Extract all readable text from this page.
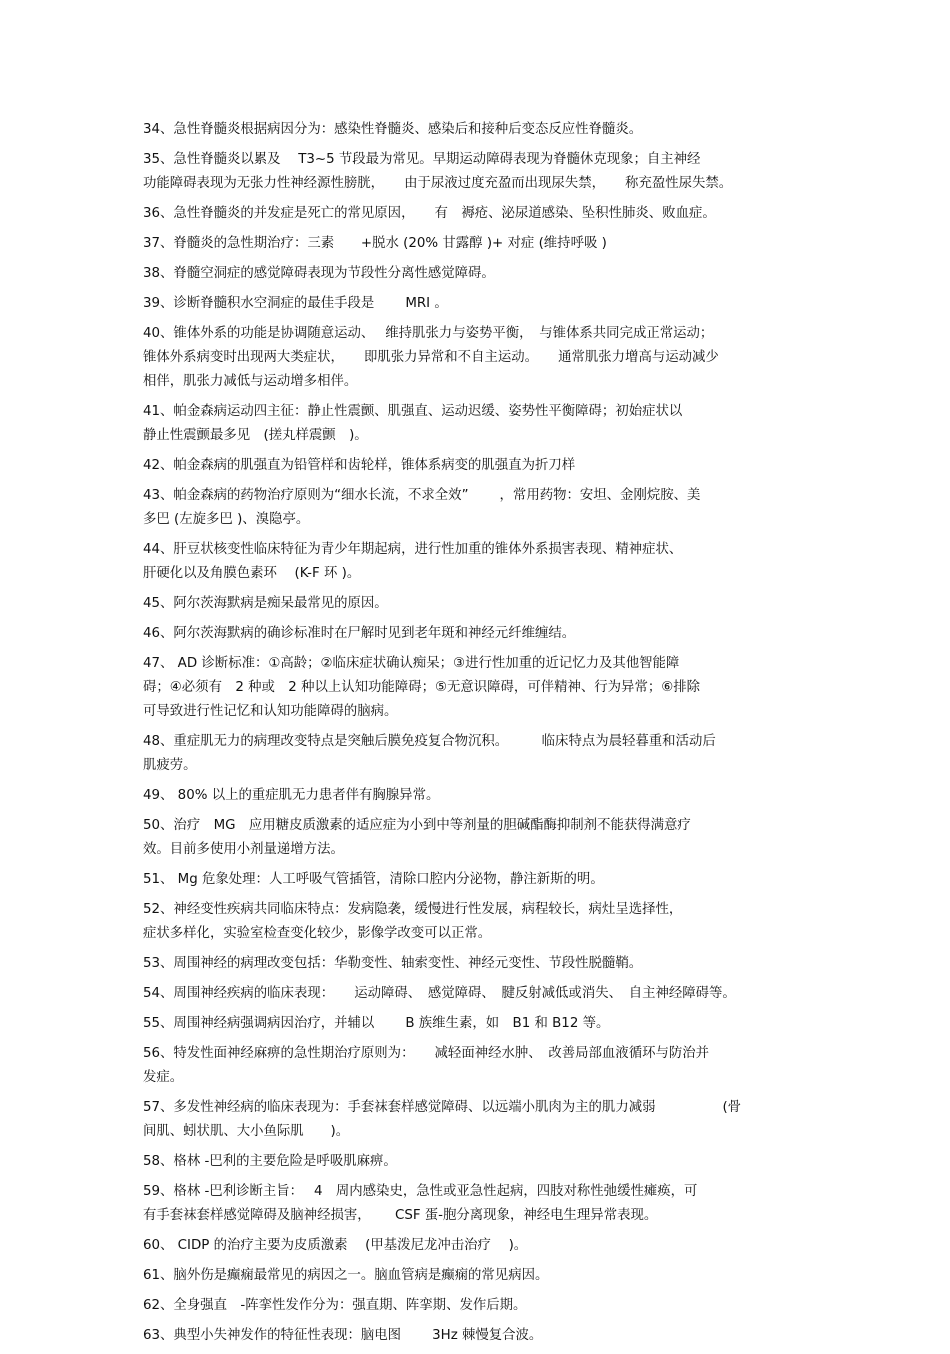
34、急性脊髓炎根据病因分为：感染性脊髓炎、感染后和接种后变态反应性脊髓炎。
35、急性脊髓炎以累及　 T3~5 节段最为常见。早期运动障碍表现为脊髓休克现象；自主神经
功能障碍表现为无张力性神经源性膀胱，　　由于尿液过度充盈而出现尿失禁，　　称充盈性尿失禁。
36、急性脊髓炎的并发症是死亡的常见原因，　　有　褥疮、泌尿道感染、坠积性肺炎、败血症。
37、脊髓炎的急性期治疗：三素　　+脱水 (20% 甘露醇 )+ 对症 (维持呼吸 )
38、脊髓空洞症的感觉障碍表现为节段性分离性感觉障碍。
39、诊断脊髓积水空洞症的最佳手段是　　 MRI 。
40、锥体外系的功能是协调随意运动、　 维持肌张力与姿势平衡，　与锥体系共同完成正常运动；
锥体外系病变时出现两大类症状，　　即肌张力异常和不自主运动。　　通常肌张力增高与运动减少
相伴，肌张力减低与运动增多相伴。
41、帕金森病运动四主征：静止性震颤、肌强直、运动迟缓、姿势性平衡障碍；初始症状以
静止性震颤最多见　(搓丸样震颤　)。
42、帕金森病的肌强直为铅管样和齿轮样，锥体系病变的肌强直为折刀样
43、帕金森病的药物治疗原则为“细水长流，不求全效”　　 ，常用药物：安坦、金刚烷胺、美
多巴 (左旋多巴 )、溴隐亭。
44、肝豆状核变性临床特征为青少年期起病，进行性加重的锥体外系损害表现、精神症状、
肝硬化以及角膜色素环　 (K-F 环 )。
45、阿尔茨海默病是痴呆最常见的原因。
46、阿尔茨海默病的确诊标准时在尸解时见到老年斑和神经元纤维缠结。
47、 AD 诊断标准：①高龄；②临床症状确认痴呆；③进行性加重的近记忆力及其他智能障
碍；④必须有　2 种或　2 种以上认知功能障碍；⑤无意识障碍，可伴精神、行为异常；⑥排除
可导致进行性记忆和认知功能障碍的脑病。
48、重症肌无力的病理改变特点是突触后膜免疫复合物沉积。　　　临床特点为晨轻暮重和活动后
肌疲劳。
49、 80% 以上的重症肌无力患者伴有胸腺异常。
50、治疗　MG　应用糖皮质激素的适应症为小到中等剂量的胆碱酯酶抑制剂不能获得满意疗
效。目前多使用小剂量递增方法。
51、 Mg 危象处理：人工呼吸气管插管，清除口腔内分泌物，静注新斯的明。
52、神经变性疾病共同临床特点：发病隐袭，缓慢进行性发展，病程较长，病灶呈选择性，
症状多样化，实验室检查变化较少，影像学改变可以正常。
53、周围神经的病理改变包括：华勒变性、轴索变性、神经元变性、节段性脱髓鞘。
54、周围神经疾病的临床表现：　　运动障碍、　感觉障碍、　腱反射减低或消失、　自主神经障碍等。
55、周围神经病强调病因治疗，并辅以　　 B 族维生素，如　B1 和 B12 等。
56、特发性面神经麻痹的急性期治疗原则为：　　减轻面神经水肿、　改善局部血液循环与防治并
发症。
57、多发性神经病的临床表现为：手套袜套样感觉障碍、以远端小肌肉为主的肌力减弱　　　　　(骨
间肌、蚓状肌、大小鱼际肌　　)。
58、格林 -巴利的主要危险是呼吸肌麻痹。
59、格林 -巴利诊断主旨：　 4　周内感染史，急性或亚急性起病，四肢对称性弛缓性瘫痪，可
有手套袜套样感觉障碍及脑神经损害，　　 CSF 蛋-胞分离现象，神经电生理异常表现。
60、 CIDP 的治疗主要为皮质激素　 (甲基泼尼龙冲击治疗　 )。
61、脑外伤是癫痫最常见的病因之一。脑血管病是癫痫的常见病因。
62、全身强直　-阵挛性发作分为：强直期、阵挛期、发作后期。
63、典型小失神发作的特征性表现：脑电图　　 3Hz 棘慢复合波。
